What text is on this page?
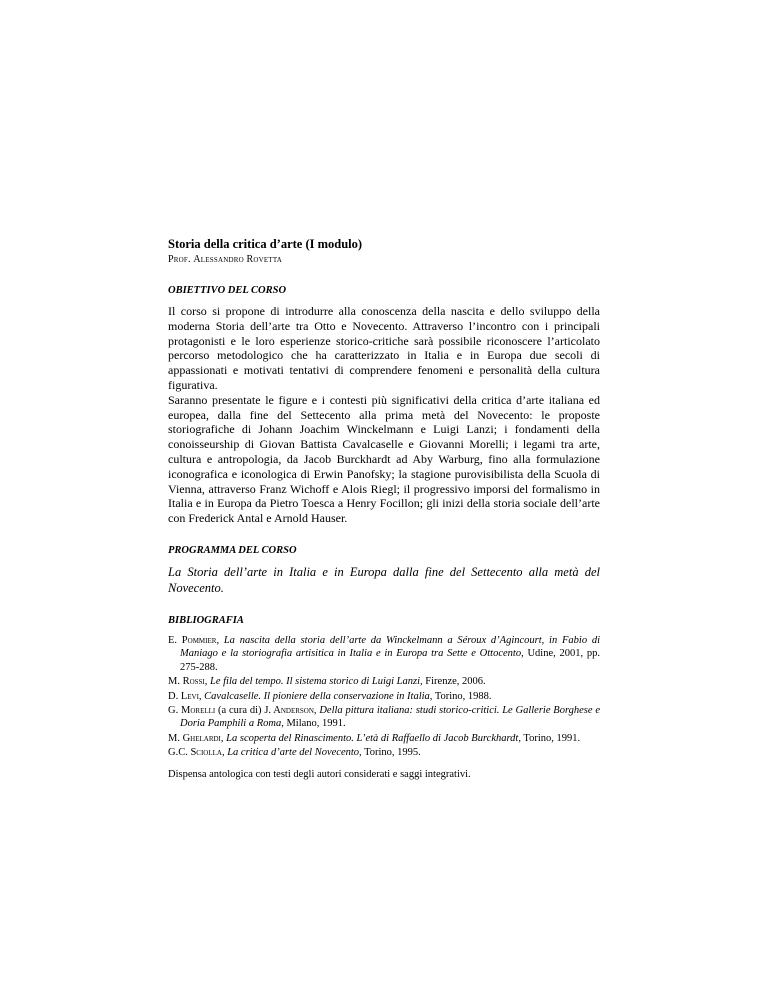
Storia della critica d’arte (I modulo)

Prof. Alessandro Rovetta

OBIETTIVO DEL CORSO

Il corso si propone di introdurre alla conoscenza della nascita e dello sviluppo della moderna Storia dell’arte tra Otto e Novecento. Attraverso l’incontro con i principali protagonisti e le loro esperienze storico-critiche sarà possibile riconoscere l’articolato percorso metodologico che ha caratterizzato in Italia e in Europa due secoli di appassionati e motivati tentativi di comprendere fenomeni e personalità della cultura figurativa.

Saranno presentate le figure e i contesti più significativi della critica d’arte italiana ed europea, dalla fine del Settecento alla prima metà del Novecento: le proposte storiografiche di Johann Joachim Winckelmann e Luigi Lanzi; i fondamenti della conoisseurship di Giovan Battista Cavalcaselle e Giovanni Morelli; i legami tra arte, cultura e antropologia, da Jacob Burckhardt ad Aby Warburg, fino alla formulazione iconografica e iconologica di Erwin Panofsky; la stagione purovisibilista della Scuola di Vienna, attraverso Franz Wichoff e Alois Riegl; il progressivo imporsi del formalismo in Italia e in Europa da Pietro Toesca a Henry Focillon; gli inizi della storia sociale dell’arte con Frederick Antal e Arnold Hauser.

PROGRAMMA DEL CORSO

La Storia dell’arte in Italia e in Europa dalla fine del Settecento alla metà del Novecento.

BIBLIOGRAFIA
E. Pommier, La nascita della storia dell’arte da Winckelmann a Séroux d’Agincourt, in Fabio di Maniago e la storiografia artisitica in Italia e in Europa tra Sette e Ottocento, Udine, 2001, pp. 275-288.
M. Rossi, Le fila del tempo. Il sistema storico di Luigi Lanzi, Firenze, 2006.
D. Levi, Cavalcaselle. Il pioniere della conservazione in Italia, Torino, 1988.
G. Morelli (a cura di) J. Anderson, Della pittura italiana: studi storico-critici. Le Gallerie Borghese e Doria Pamphili a Roma, Milano, 1991.
M. Ghelardi, La scoperta del Rinascimento. L’età di Raffaello di Jacob Burckhardt, Torino, 1991.
G.C. Sciolla, La critica d’arte del Novecento, Torino, 1995.

Dispensa antologica con testi degli autori considerati e saggi integrativi.
